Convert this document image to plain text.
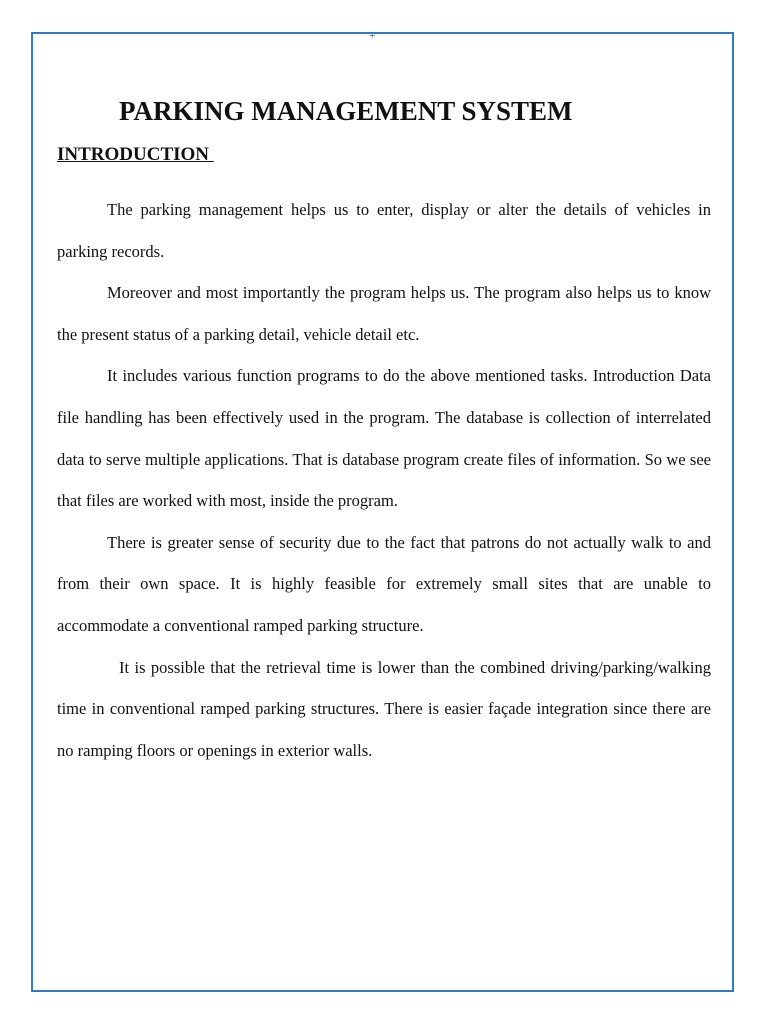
+
PARKING MANAGEMENT SYSTEM
INTRODUCTION

The parking management helps us to enter, display or alter the details of vehicles in parking records.

Moreover and most importantly the program helps us. The program also helps us to know the present status of a parking detail, vehicle detail etc.

It includes various function programs to do the above mentioned tasks. Introduction Data file handling has been effectively used in the program. The database is collection of interrelated data to serve multiple applications. That is database program create files of information. So we see that files are worked with most, inside the program.

There is greater sense of security due to the fact that patrons do not actually walk to and from their own space. It is highly feasible for extremely small sites that are unable to accommodate a conventional ramped parking structure.

It is possible that the retrieval time is lower than the combined driving/parking/walking time in conventional ramped parking structures. There is easier façade integration since there are no ramping floors or openings in exterior walls.
